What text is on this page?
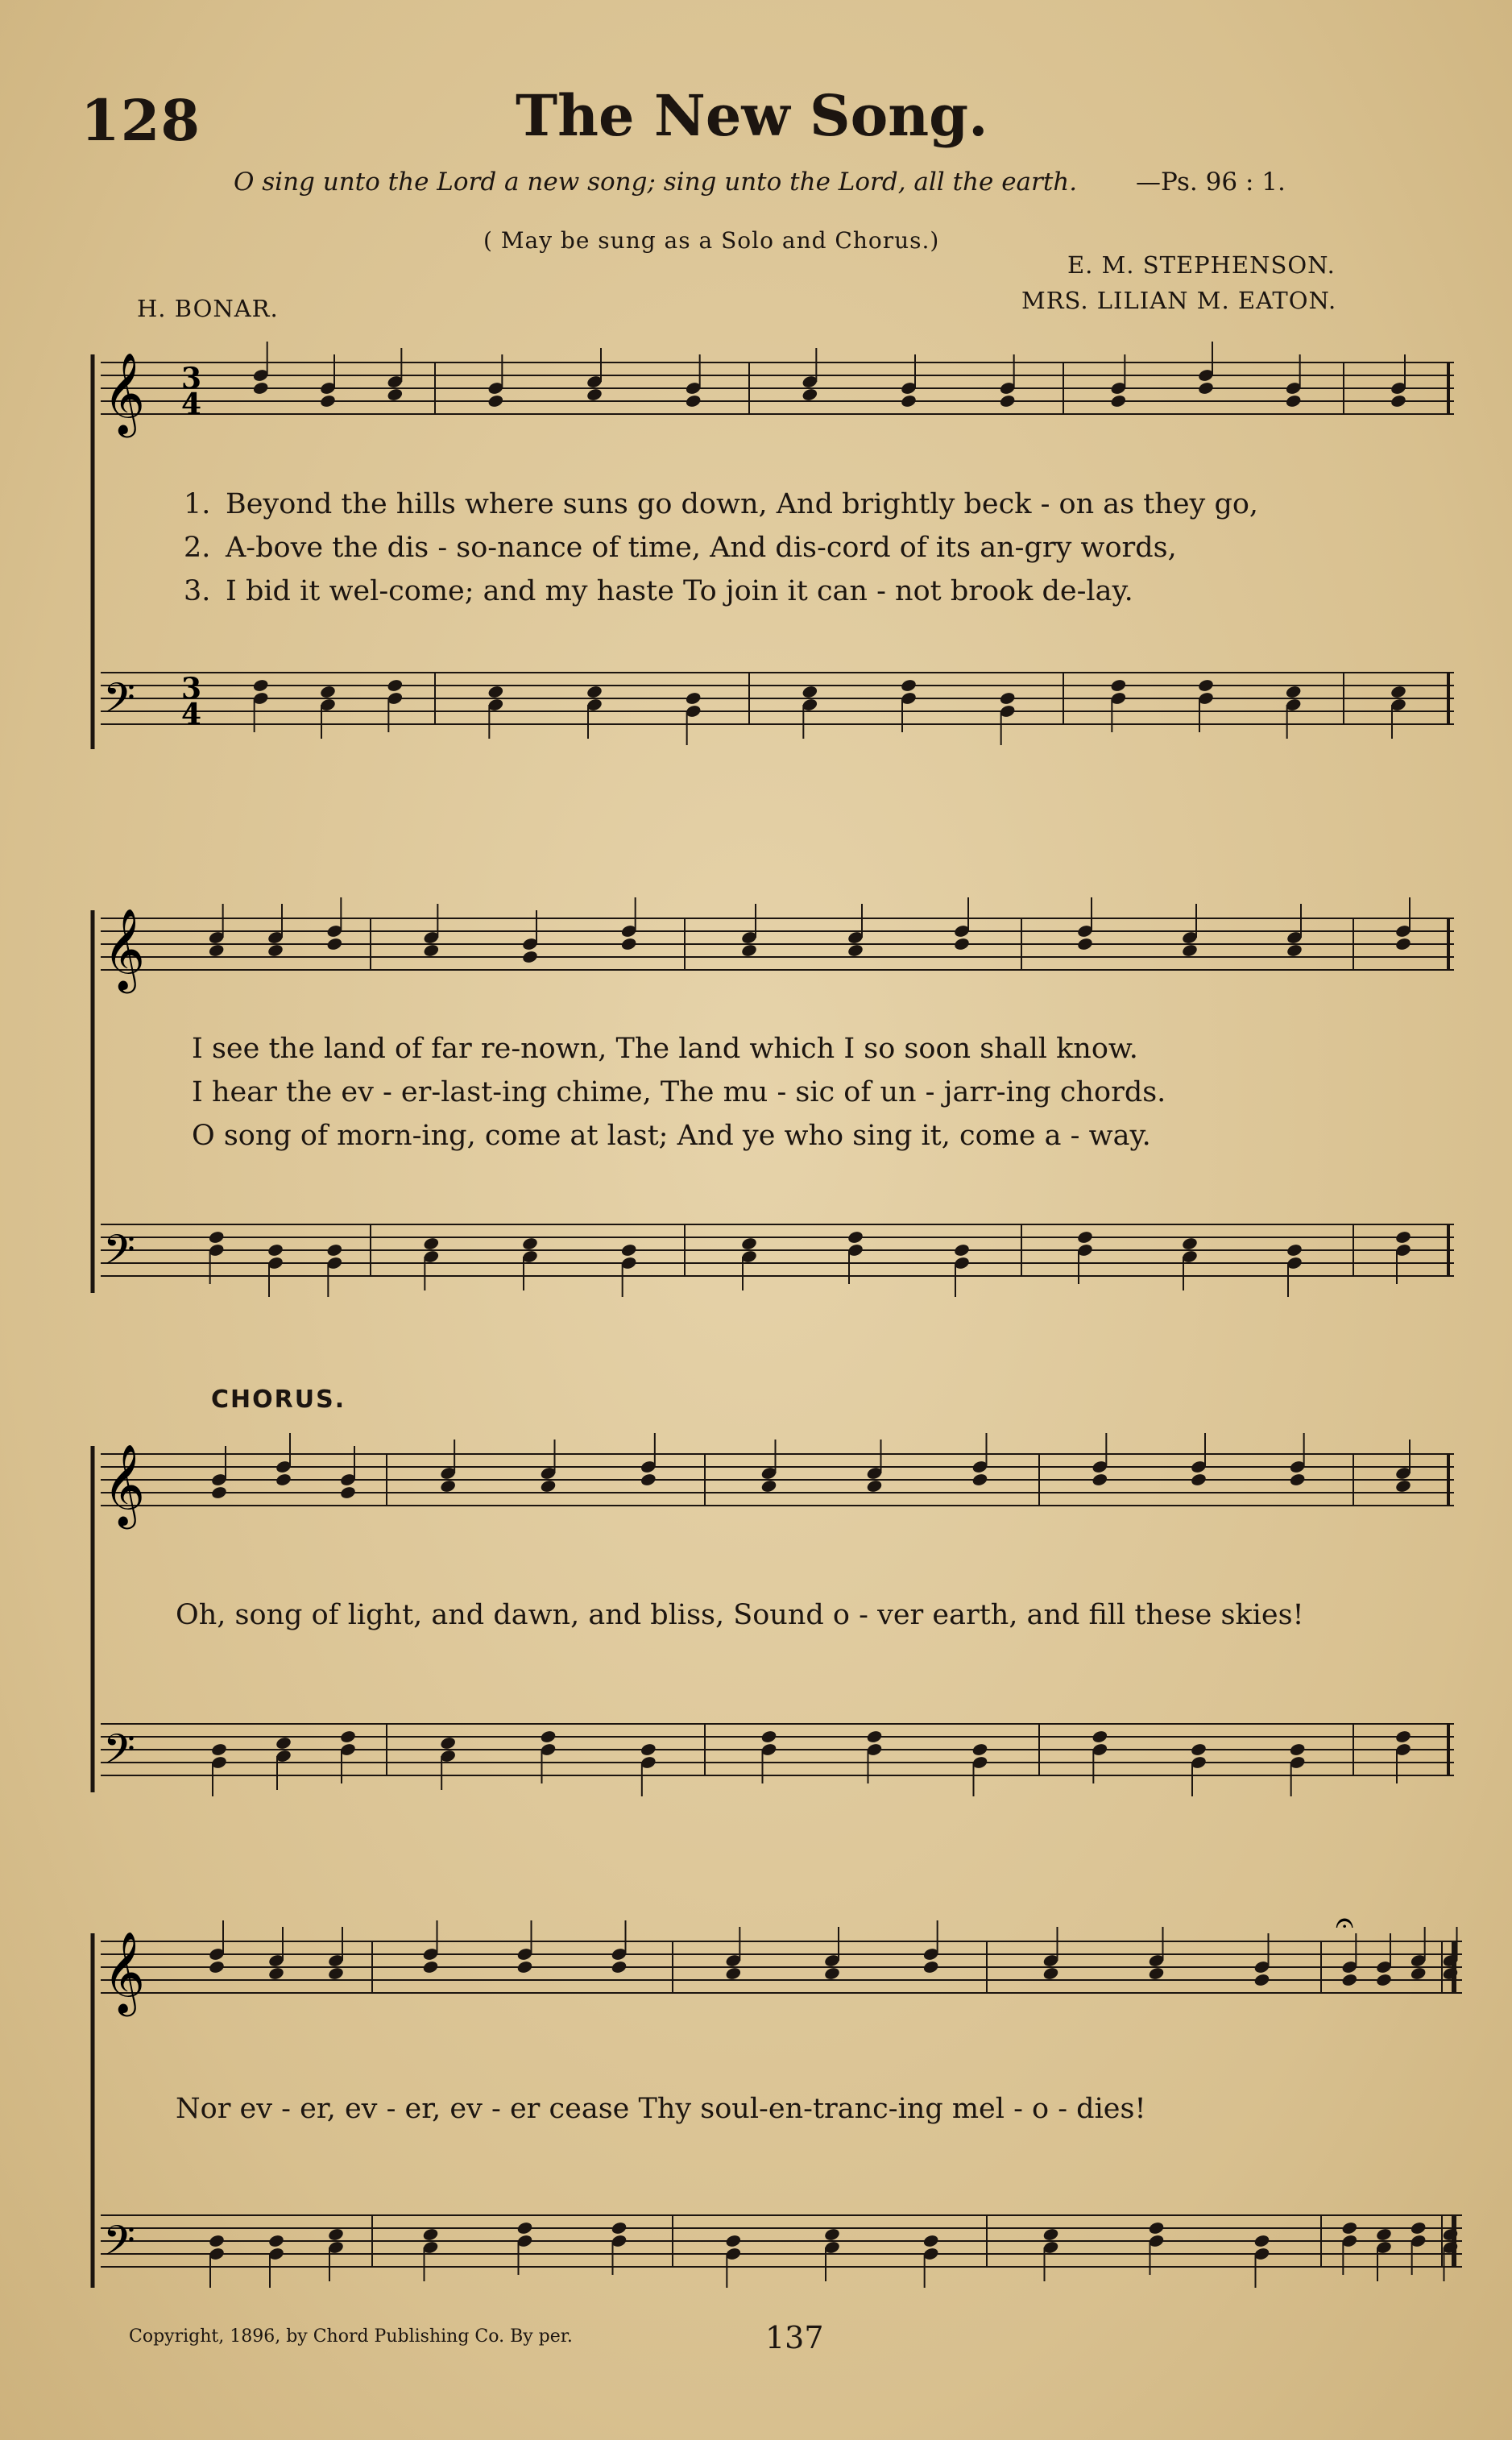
128	The New Song.
O sing unto the Lord a new song; sing unto the Lord, all the earth. —Ps. 96 : 1.
( May be sung as a Solo and Chorus.)
E. M. STEPHENSON.
H. BONAR.	MRS. LILIAN M. EATON.
𝄞
𝄢
3
4
3
4
1. Beyond the hills where suns go down, And brightly beck - on as they go,
2. A-bove the dis - so-nance of time, And dis-cord of its an-gry words,
3. I bid it wel-come; and my haste To join it can - not brook de-lay.
𝄞
𝄢
I see the land of far re-nown, The land which I so soon shall know.
I hear the ev - er-last-ing chime, The mu - sic of un - jarr-ing chords.
O song of morn-ing, come at last; And ye who sing it, come a - way.
CHORUS.
𝄞
𝄢
Oh, song of light, and dawn, and bliss, Sound o - ver earth, and fill these skies!
𝄞
𝄢
𝄐
Nor ev - er, ev - er, ev - er cease Thy soul-en-tranc-ing mel - o - dies!
Copyright, 1896, by Chord Publishing Co. By per.	137
